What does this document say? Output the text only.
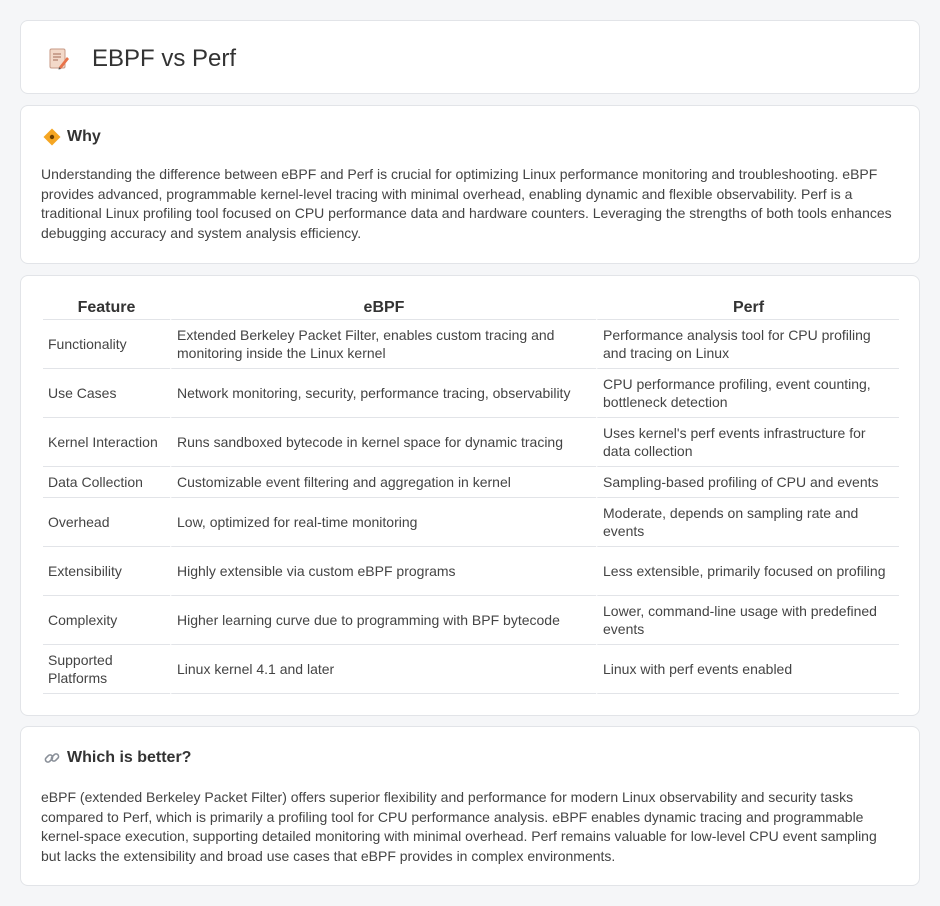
EBPF vs Perf
Why

Understanding the difference between eBPF and Perf is crucial for optimizing Linux performance monitoring and troubleshooting. eBPF provides advanced, programmable kernel-level tracing with minimal overhead, enabling dynamic and flexible observability. Perf is a traditional Linux profiling tool focused on CPU performance data and hardware counters. Leveraging the strengths of both tools enhances debugging accuracy and system analysis efficiency.

Feature	eBPF	Perf
Functionality	Extended Berkeley Packet Filter, enables custom tracing and monitoring inside the Linux kernel	Performance analysis tool for CPU profiling and tracing on Linux
Use Cases	Network monitoring, security, performance tracing, observability	CPU performance profiling, event counting, bottleneck detection
Kernel Interaction	Runs sandboxed bytecode in kernel space for dynamic tracing	Uses kernel's perf events infrastructure for data collection
Data Collection	Customizable event filtering and aggregation in kernel	Sampling-based profiling of CPU and events
Overhead	Low, optimized for real-time monitoring	Moderate, depends on sampling rate and events
Extensibility	Highly extensible via custom eBPF programs	Less extensible, primarily focused on profiling
Complexity	Higher learning curve due to programming with BPF bytecode	Lower, command-line usage with predefined events
Supported Platforms	Linux kernel 4.1 and later	Linux with perf events enabled
Which is better?

eBPF (extended Berkeley Packet Filter) offers superior flexibility and performance for modern Linux observability and security tasks compared to Perf, which is primarily a profiling tool for CPU performance analysis. eBPF enables dynamic tracing and programmable kernel-space execution, supporting detailed monitoring with minimal overhead. Perf remains valuable for low-level CPU event sampling but lacks the extensibility and broad use cases that eBPF provides in complex environments.
